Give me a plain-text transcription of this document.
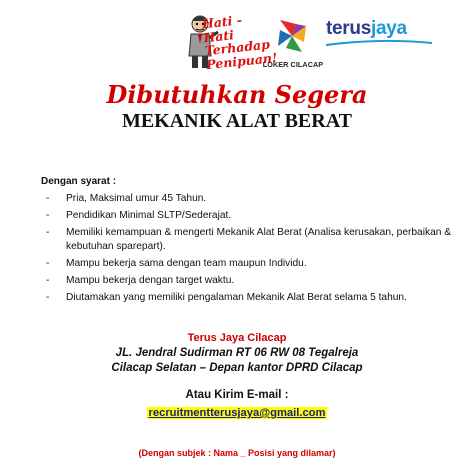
Hati - Hati Terhadap Penipuan!
LOKER CILACAP
terusjaya
Dibutuhkan Segera
MEKANIK ALAT BERAT
Dengan syarat :
- Pria, Maksimal umur 45 Tahun.
- Pendidikan Minimal SLTP/Sederajat.
- Memiliki kemampuan & mengerti Mekanik Alat Berat (Analisa kerusakan, perbaikan & kebutuhan sparepart).
- Mampu bekerja sama dengan team maupun Individu.
- Mampu bekerja dengan target waktu.
- Diutamakan yang memiliki pengalaman Mekanik Alat Berat selama 5 tahun.
Terus Jaya Cilacap
JL. Jendral Sudirman RT 06 RW 08 Tegalreja
Cilacap Selatan – Depan kantor DPRD Cilacap
Atau Kirim E-mail :
recruitmentterusjaya@gmail.com
(Dengan subjek : Nama _ Posisi yang dilamar)
